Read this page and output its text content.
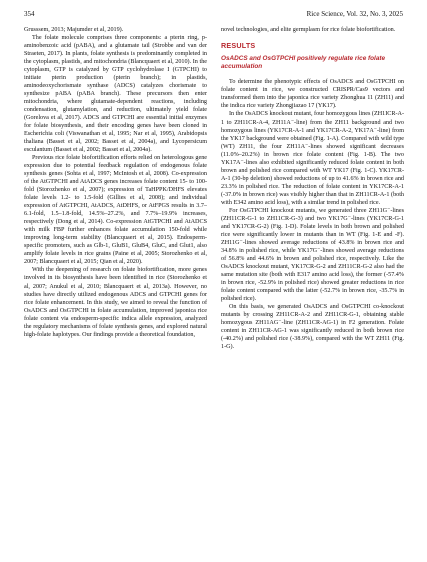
354	Rice Science, Vol. 32, No. 3, 2025

Grusssem, 2013; Majumder et al, 2019).

The folate molecule comprises three components: a pterin ring, p-aminobenzoic acid (pABA), and a glutamate tail (Strobbe and van der Straeten, 2017). In plants, folate synthesis is predominantly completed in the cytoplasm, plastids, and mitochondria (Blancquaert et al, 2010). In the cytoplasm, GTP is catalyzed by GTP cyclohydrolase I (GTPCHI) to initiate pterin production (pterin branch); in plastids, aminodeoxychorismate synthase (ADCS) catalyzes chorismate to synthesize pABA (pABA branch). These precursors then enter mitochondria, where glutamate-dependent reactions, including condensation, glutamylation, and reduction, ultimately yield folate (Gorelova et al, 2017). ADCS and GTPCHI are essential initial enzymes for folate biosynthesis, and their encoding genes have been cloned in Escherichia coli (Viswanathan et al, 1995; Nar et al, 1995), Arabidopsis thaliana (Basset et al, 2002; Basset et al, 2004a), and Lycopersicum esculantum (Basset et al, 2002; Basset et al, 2004a).

Previous rice folate biofortification efforts relied on heterologous gene expression due to potential feedback regulation of endogenous folate synthesis genes (Sohta et al, 1997; McIntosh et al, 2008). Co-expression of the AtGTPCHI and AtADCS genes increases folate content 15- to 100-fold (Storozhenko et al, 2007); expression of TaHPPK/DHFS elevates folate levels 1.2- to 1.5-fold (Gillies et al, 2008); and individual expression of AtGTPCHI, AtADCS, AtDHFS, or AtFPGS results in 3.7–6.1-fold, 1.5–1.8-fold, 14.5%–27.2%, and 7.7%–19.9% increases, respectively (Dong et al, 2014). Co-expression AtGTPCHI and AtADCS with milk FBP further enhances folate accumulation 150-fold while improving long-term stability (Blancquaert et al, 2015). Endosperm-specific promoters, such as Glb-1, GluB1, GluB4, GluC, and Glut1, also amplify folate levels in rice grains (Paine et al, 2005; Storozhenko et al, 2007; Blancquaert et al, 2015; Qian et al, 2020).

With the deepening of research on folate biofortification, more genes involved in its biosynthesis have been identified in rice (Storozhenko et al, 2007; Anukul et al, 2010; Blancquaert et al, 2013a). However, no studies have directly utilized endogenous ADCS and GTPCHI genes for rice folate enhancement. In this study, we aimed to reveal the function of OsADCS and OsGTPCHI in folate accumulation, improved japonica rice folate content via endosperm-specific indica allele expression, analyzed the regulatory mechanisms of folate synthesis genes, and explored natural high-folate haplotypes. Our findings provide a theoretical foundation,

novel technologies, and elite germplasm for rice folate biofortification.

RESULTS
OsADCS and OsGTPCHI positively regulate rice folate accumulation

To determine the phenotypic effects of OsADCS and OsGTPCHI on folate content in rice, we constructed CRISPR/Cas9 vectors and transformed them into the japonica rice variety Zhonghua 11 (ZH11) and the indica rice variety Zhongjiazao 17 (YK17).

In the OsADCS knockout mutant, four homozygous lines (ZH1ICR-A-1 to ZH11CR-A-4, ZH11A⁻-line) from the ZH11 background and two homozygous lines (YK17CR-A-1 and YK17CR-A-2, YK17A⁻-line) from the YK17 background were obtained (Fig. 1-A). Compared with wild type (WT) ZH11, the four ZH11A⁻-lines showed significant decreases (11.0%–20.2%) in brown rice folate content (Fig. 1-B). The two YK17A⁻-lines also exhibited significantly reduced folate content in both brown and polished rice compared with WT YK17 (Fig. 1-C). YK17CR-A-1 (30-bp deletion) showed reductions of up to 41.6% in brown rice and 23.3% in polished rice. The reduction of folate content in YK17CR-A-1 (-37.0% in brown rice) was visibly higher than that in ZH11CR-A-1 (both with E342 amino acid loss), with a similar trend in polished rice.

For OsGTPCHI knockout mutants, we generated three ZH11G⁻-lines (ZH11CR-G-1 to ZH11CR-G-3) and two YK17G⁻-lines (YK17CR-G-1 and YK17CR-G-2) (Fig. 1-D). Folate levels in both brown and polished rice were significantly lower in mutants than in WT (Fig. 1-E and -F). ZH11G⁻-lines showed average reductions of 43.8% in brown rice and 34.8% in polished rice, while YK17G⁻-lines showed average reductions of 56.8% and 44.6% in brown and polished rice, respectively. Like the OsADCS knockout mutant, YK17CR-G-2 and ZH11CR-G-2 also had the same mutation site (both with E317 amino acid loss), the former (-57.4% in brown rice, -52.9% in polished rice) showed greater reductions in rice folate content compared with the latter (-52.7% in brown rice, -35.7% in polished rice).

On this basis, we generated OsADCS and OsGTPCHI co-knockout mutants by crossing ZH11CR-A-2 and ZH11CR-G-1, obtaining stable homozygous ZH11AG⁻-line (ZH11CR-AG-1) in F2 generation. Folate content in ZH11CR-AG-1 was significantly reduced in both brown rice (-40.2%) and polished rice (-38.9%), compared with the WT ZH11 (Fig. 1-G).
